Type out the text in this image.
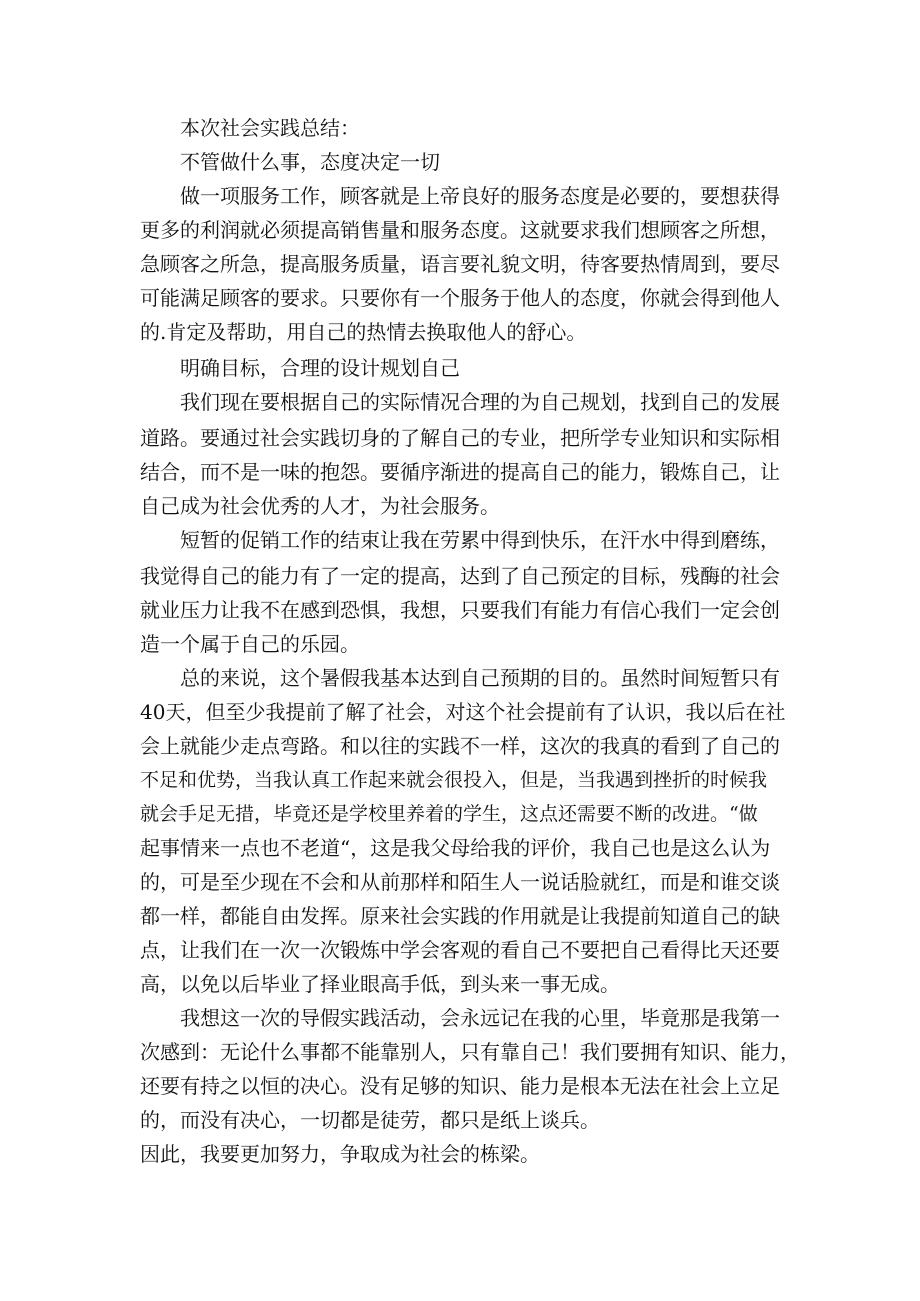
本次社会实践总结：
不管做什么事，态度决定一切
做一项服务工作，顾客就是上帝良好的服务态度是必要的，要想获得
更多的利润就必须提高销售量和服务态度。这就要求我们想顾客之所想，
急顾客之所急，提高服务质量，语言要礼貌文明，待客要热情周到，要尽
可能满足顾客的要求。只要你有一个服务于他人的态度，你就会得到他人
的.肯定及帮助，用自己的热情去换取他人的舒心。
明确目标，合理的设计规划自己
我们现在要根据自己的实际情况合理的为自己规划，找到自己的发展
道路。要通过社会实践切身的了解自己的专业，把所学专业知识和实际相
结合，而不是一味的抱怨。要循序渐进的提高自己的能力，锻炼自己，让
自己成为社会优秀的人才，为社会服务。
短暂的促销工作的结束让我在劳累中得到快乐，在汗水中得到磨练，
我觉得自己的能力有了一定的提高，达到了自己预定的目标，残酶的社会
就业压力让我不在感到恐惧，我想，只要我们有能力有信心我们一定会创
造一个属于自己的乐园。
总的来说，这个暑假我基本达到自己预期的目的。虽然时间短暂只有
40天，但至少我提前了解了社会，对这个社会提前有了认识，我以后在社
会上就能少走点弯路。和以往的实践不一样，这次的我真的看到了自己的
不足和优势，当我认真工作起来就会很投入，但是，当我遇到挫折的时候我
就会手足无措，毕竟还是学校里养着的学生，这点还需要不断的改进。“做
起事情来一点也不老道“，这是我父母给我的评价，我自己也是这么认为
的，可是至少现在不会和从前那样和陌生人一说话脸就红，而是和谁交谈
都一样，都能自由发挥。原来社会实践的作用就是让我提前知道自己的缺
点，让我们在一次一次锻炼中学会客观的看自己不要把自己看得比天还要
高，以免以后毕业了择业眼高手低，到头来一事无成。
我想这一次的导假实践活动，会永远记在我的心里，毕竟那是我第一
次感到：无论什么事都不能靠别人，只有靠自己！我们要拥有知识、能力，
还要有持之以恒的决心。没有足够的知识、能力是根本无法在社会上立足
的，而没有决心，一切都是徒劳，都只是纸上谈兵。
因此，我要更加努力，争取成为社会的栋梁。
